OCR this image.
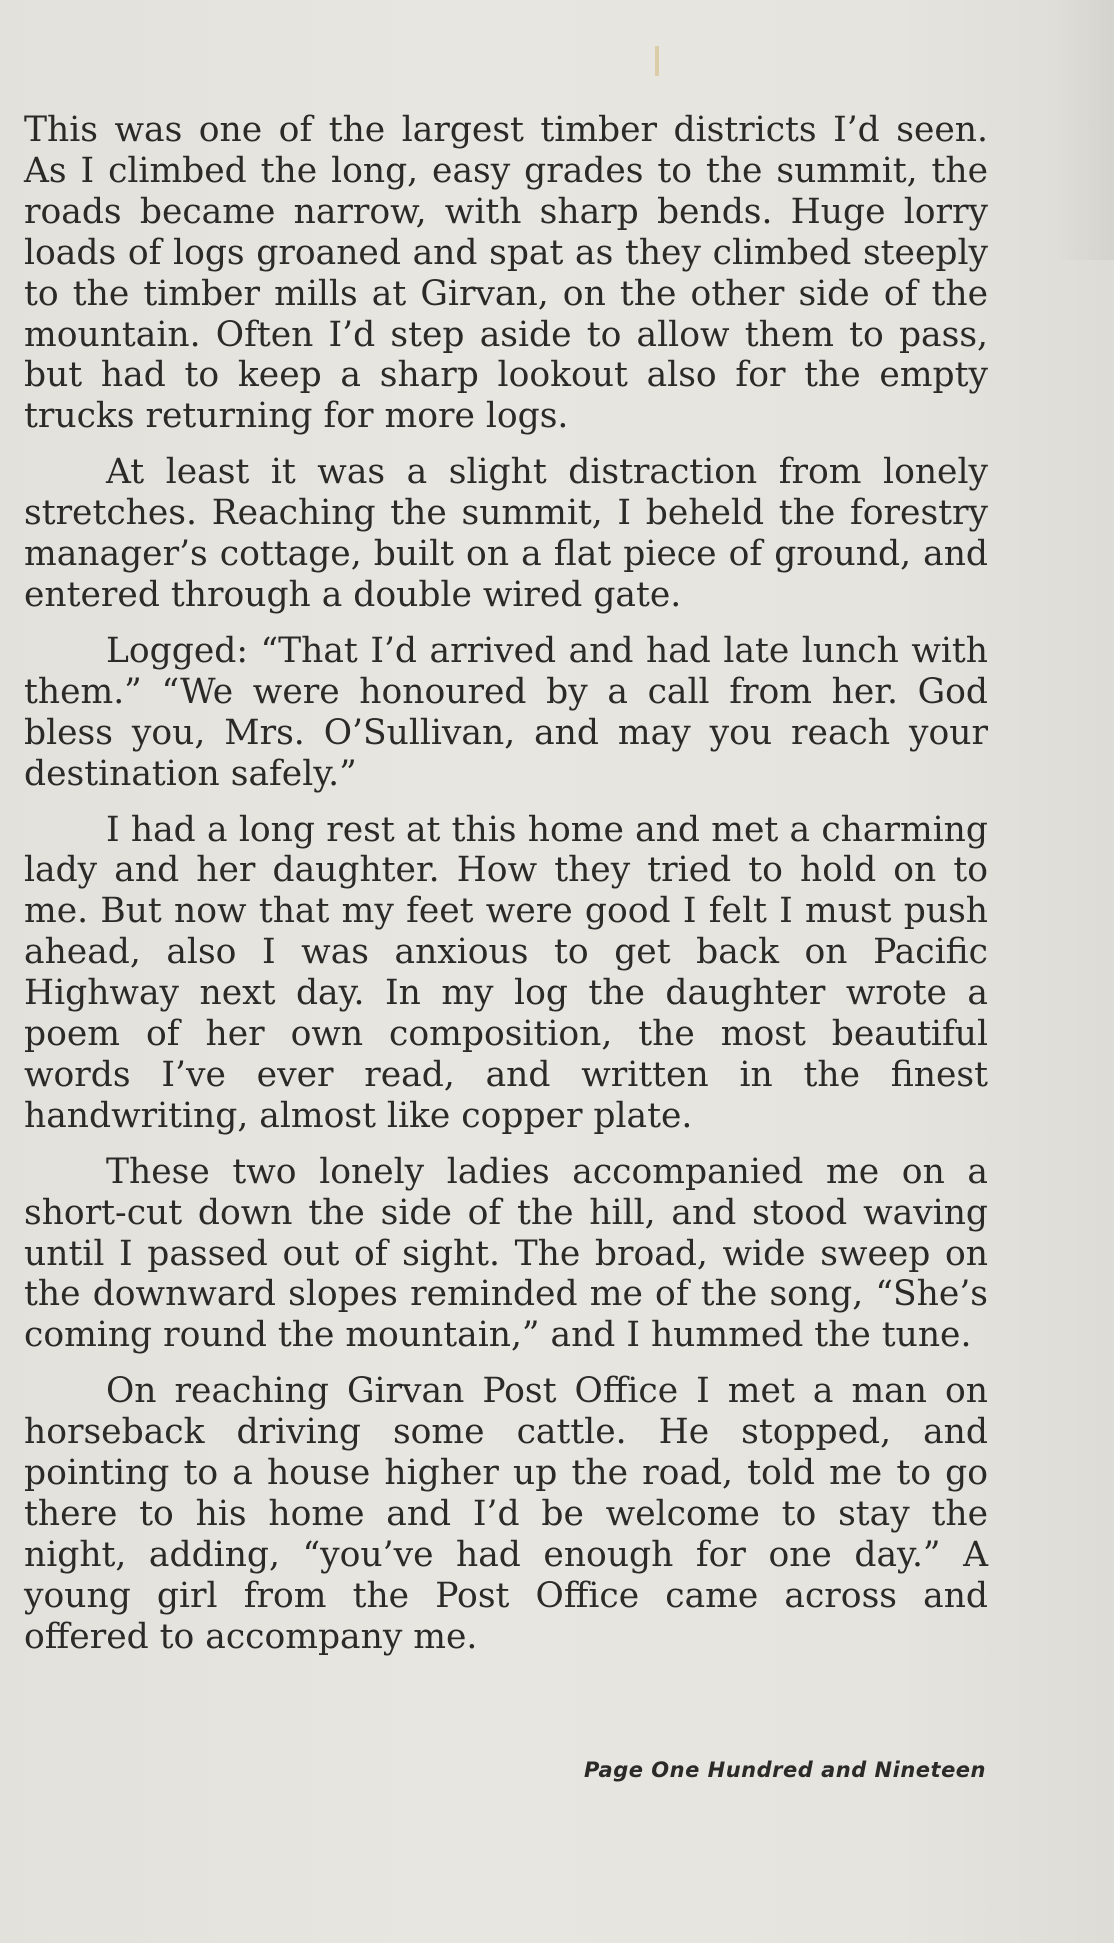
This was one of the largest timber districts I’d seen. As I climbed the long, easy grades to the summit, the roads became narrow, with sharp bends. Huge lorry loads of logs groaned and spat as they climbed steeply to the timber mills at Girvan, on the other side of the mountain. Often I’d step aside to allow them to pass, but had to keep a sharp lookout also for the empty trucks returning for more logs.

At least it was a slight distraction from lonely stretches. Reaching the summit, I beheld the forestry manager’s cottage, built on a flat piece of ground, and entered through a double wired gate.

Logged: “That I’d arrived and had late lunch with them.” “We were honoured by a call from her. God bless you, Mrs. O’Sullivan, and may you reach your destination safely.”

I had a long rest at this home and met a charming lady and her daughter. How they tried to hold on to me. But now that my feet were good I felt I must push ahead, also I was anxious to get back on Pacific Highway next day. In my log the daughter wrote a poem of her own composition, the most beautiful words I’ve ever read, and written in the finest handwriting, almost like copper plate.

These two lonely ladies accompanied me on a short-cut down the side of the hill, and stood waving until I passed out of sight. The broad, wide sweep on the downward slopes reminded me of the song, “She’s coming round the mountain,” and I hummed the tune.

On reaching Girvan Post Office I met a man on horseback driving some cattle. He stopped, and pointing to a house higher up the road, told me to go there to his home and I’d be welcome to stay the night, adding, “you’ve had enough for one day.” A young girl from the Post Office came across and offered to accompany me.

Page One Hundred and Nineteen
